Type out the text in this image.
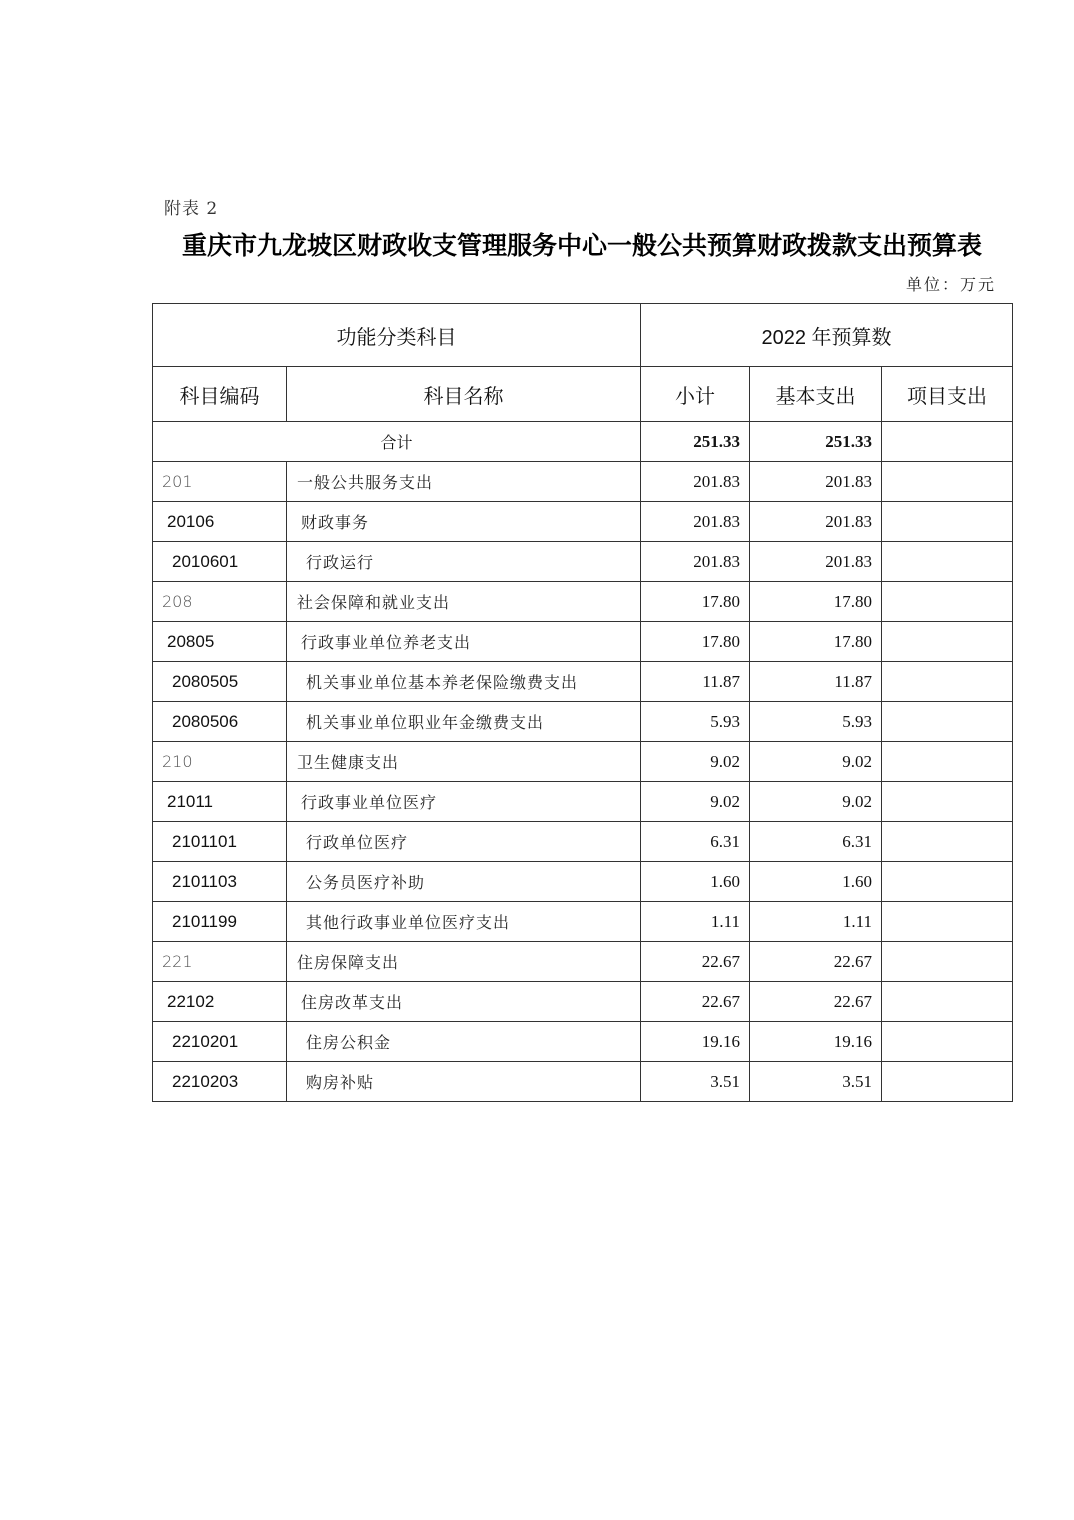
附表 2
重庆市九龙坡区财政收支管理服务中心一般公共预算财政拨款支出预算表
单位：万元
功能分类科目		2022 年预算数		
科目编码	科目名称	小计	基本支出	项目支出
合计		251.33	251.33	
201	一般公共服务支出	201.83	201.83	
20106	财政事务	201.83	201.83	
2010601	行政运行	201.83	201.83	
208	社会保障和就业支出	17.80	17.80	
20805	行政事业单位养老支出	17.80	17.80	
2080505	机关事业单位基本养老保险缴费支出	11.87	11.87	
2080506	机关事业单位职业年金缴费支出	5.93	5.93	
210	卫生健康支出	9.02	9.02	
21011	行政事业单位医疗	9.02	9.02	
2101101	行政单位医疗	6.31	6.31	
2101103	公务员医疗补助	1.60	1.60	
2101199	其他行政事业单位医疗支出	1.11	1.11	
221	住房保障支出	22.67	22.67	
22102	住房改革支出	22.67	22.67	
2210201	住房公积金	19.16	19.16	
2210203	购房补贴	3.51	3.51	
